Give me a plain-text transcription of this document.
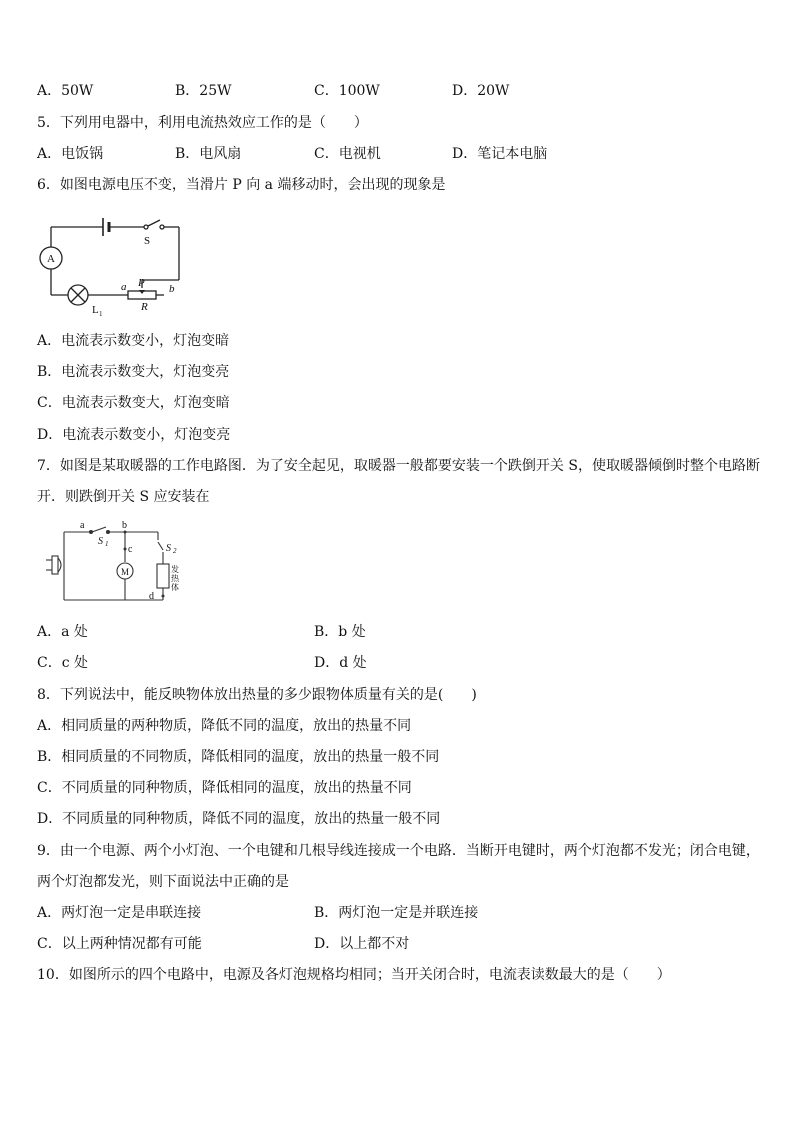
A．50W	B．25W	C．100W	D．20W
5．下列用电器中，利用电流热效应工作的是（　　）
A．电饭锅	B．电风扇	C．电视机	D．笔记本电脑
6．如图电源电压不变，当滑片 P 向 a 端移动时，会出现的现象是
A
S
L 1
P
a	b
R
A．电流表示数变小，灯泡变暗
B．电流表示数变大，灯泡变亮
C．电流表示数变大，灯泡变暗
D．电流表示数变小，灯泡变亮
7．如图是某取暖器的工作电路图．为了安全起见，取暖器一般都要安装一个跌倒开关 S，使取暖器倾倒时整个电路断
开．则跌倒开关 S 应安装在
a	b
c
d
S 1	S 2
M	发
热
体
A．a 处	B．b 处
C．c 处	D．d 处
8．下列说法中，能反映物体放出热量的多少跟物体质量有关的是(　　)
A．相同质量的两种物质，降低不同的温度，放出的热量不同
B．相同质量的不同物质，降低相同的温度，放出的热量一般不同
C．不同质量的同种物质，降低相同的温度，放出的热量不同
D．不同质量的同种物质，降低不同的温度，放出的热量一般不同
9．由一个电源、两个小灯泡、一个电键和几根导线连接成一个电路．当断开电键时，两个灯泡都不发光；闭合电键，
两个灯泡都发光，则下面说法中正确的是
A．两灯泡一定是串联连接	B．两灯泡一定是并联连接
C．以上两种情况都有可能	D．以上都不对
10．如图所示的四个电路中，电源及各灯泡规格均相同；当开关闭合时，电流表读数最大的是（　　）
